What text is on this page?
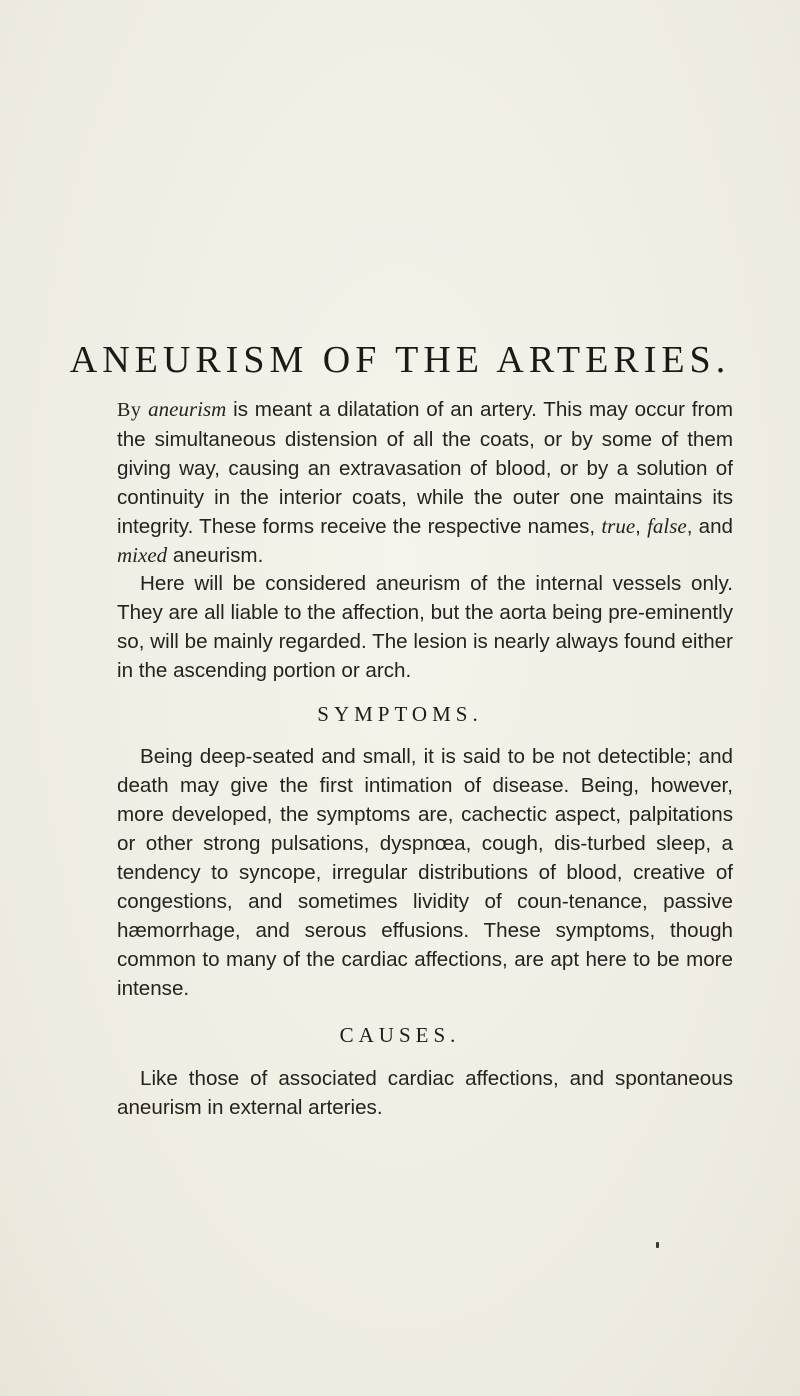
ANEURISM OF THE ARTERIES.

By aneurism is meant a dilatation of an artery. This may occur from the simultaneous distension of all the coats, or by some of them giving way, causing an extravasation of blood, or by a solution of continuity in the interior coats, while the outer one maintains its integrity. These forms receive the respective names, true, false, and mixed aneurism.

Here will be considered aneurism of the internal vessels only. They are all liable to the affection, but the aorta being pre-eminently so, will be mainly regarded. The lesion is nearly always found either in the ascending portion or arch.

SYMPTOMS.

Being deep-seated and small, it is said to be not detectible; and death may give the first intimation of disease. Being, however, more developed, the symptoms are, cachectic aspect, palpitations or other strong pulsations, dyspnœa, cough, dis-turbed sleep, a tendency to syncope, irregular distributions of blood, creative of congestions, and sometimes lividity of coun-tenance, passive hæmorrhage, and serous effusions. These symptoms, though common to many of the cardiac affections, are apt here to be more intense.

CAUSES.

Like those of associated cardiac affections, and spontaneous aneurism in external arteries.
